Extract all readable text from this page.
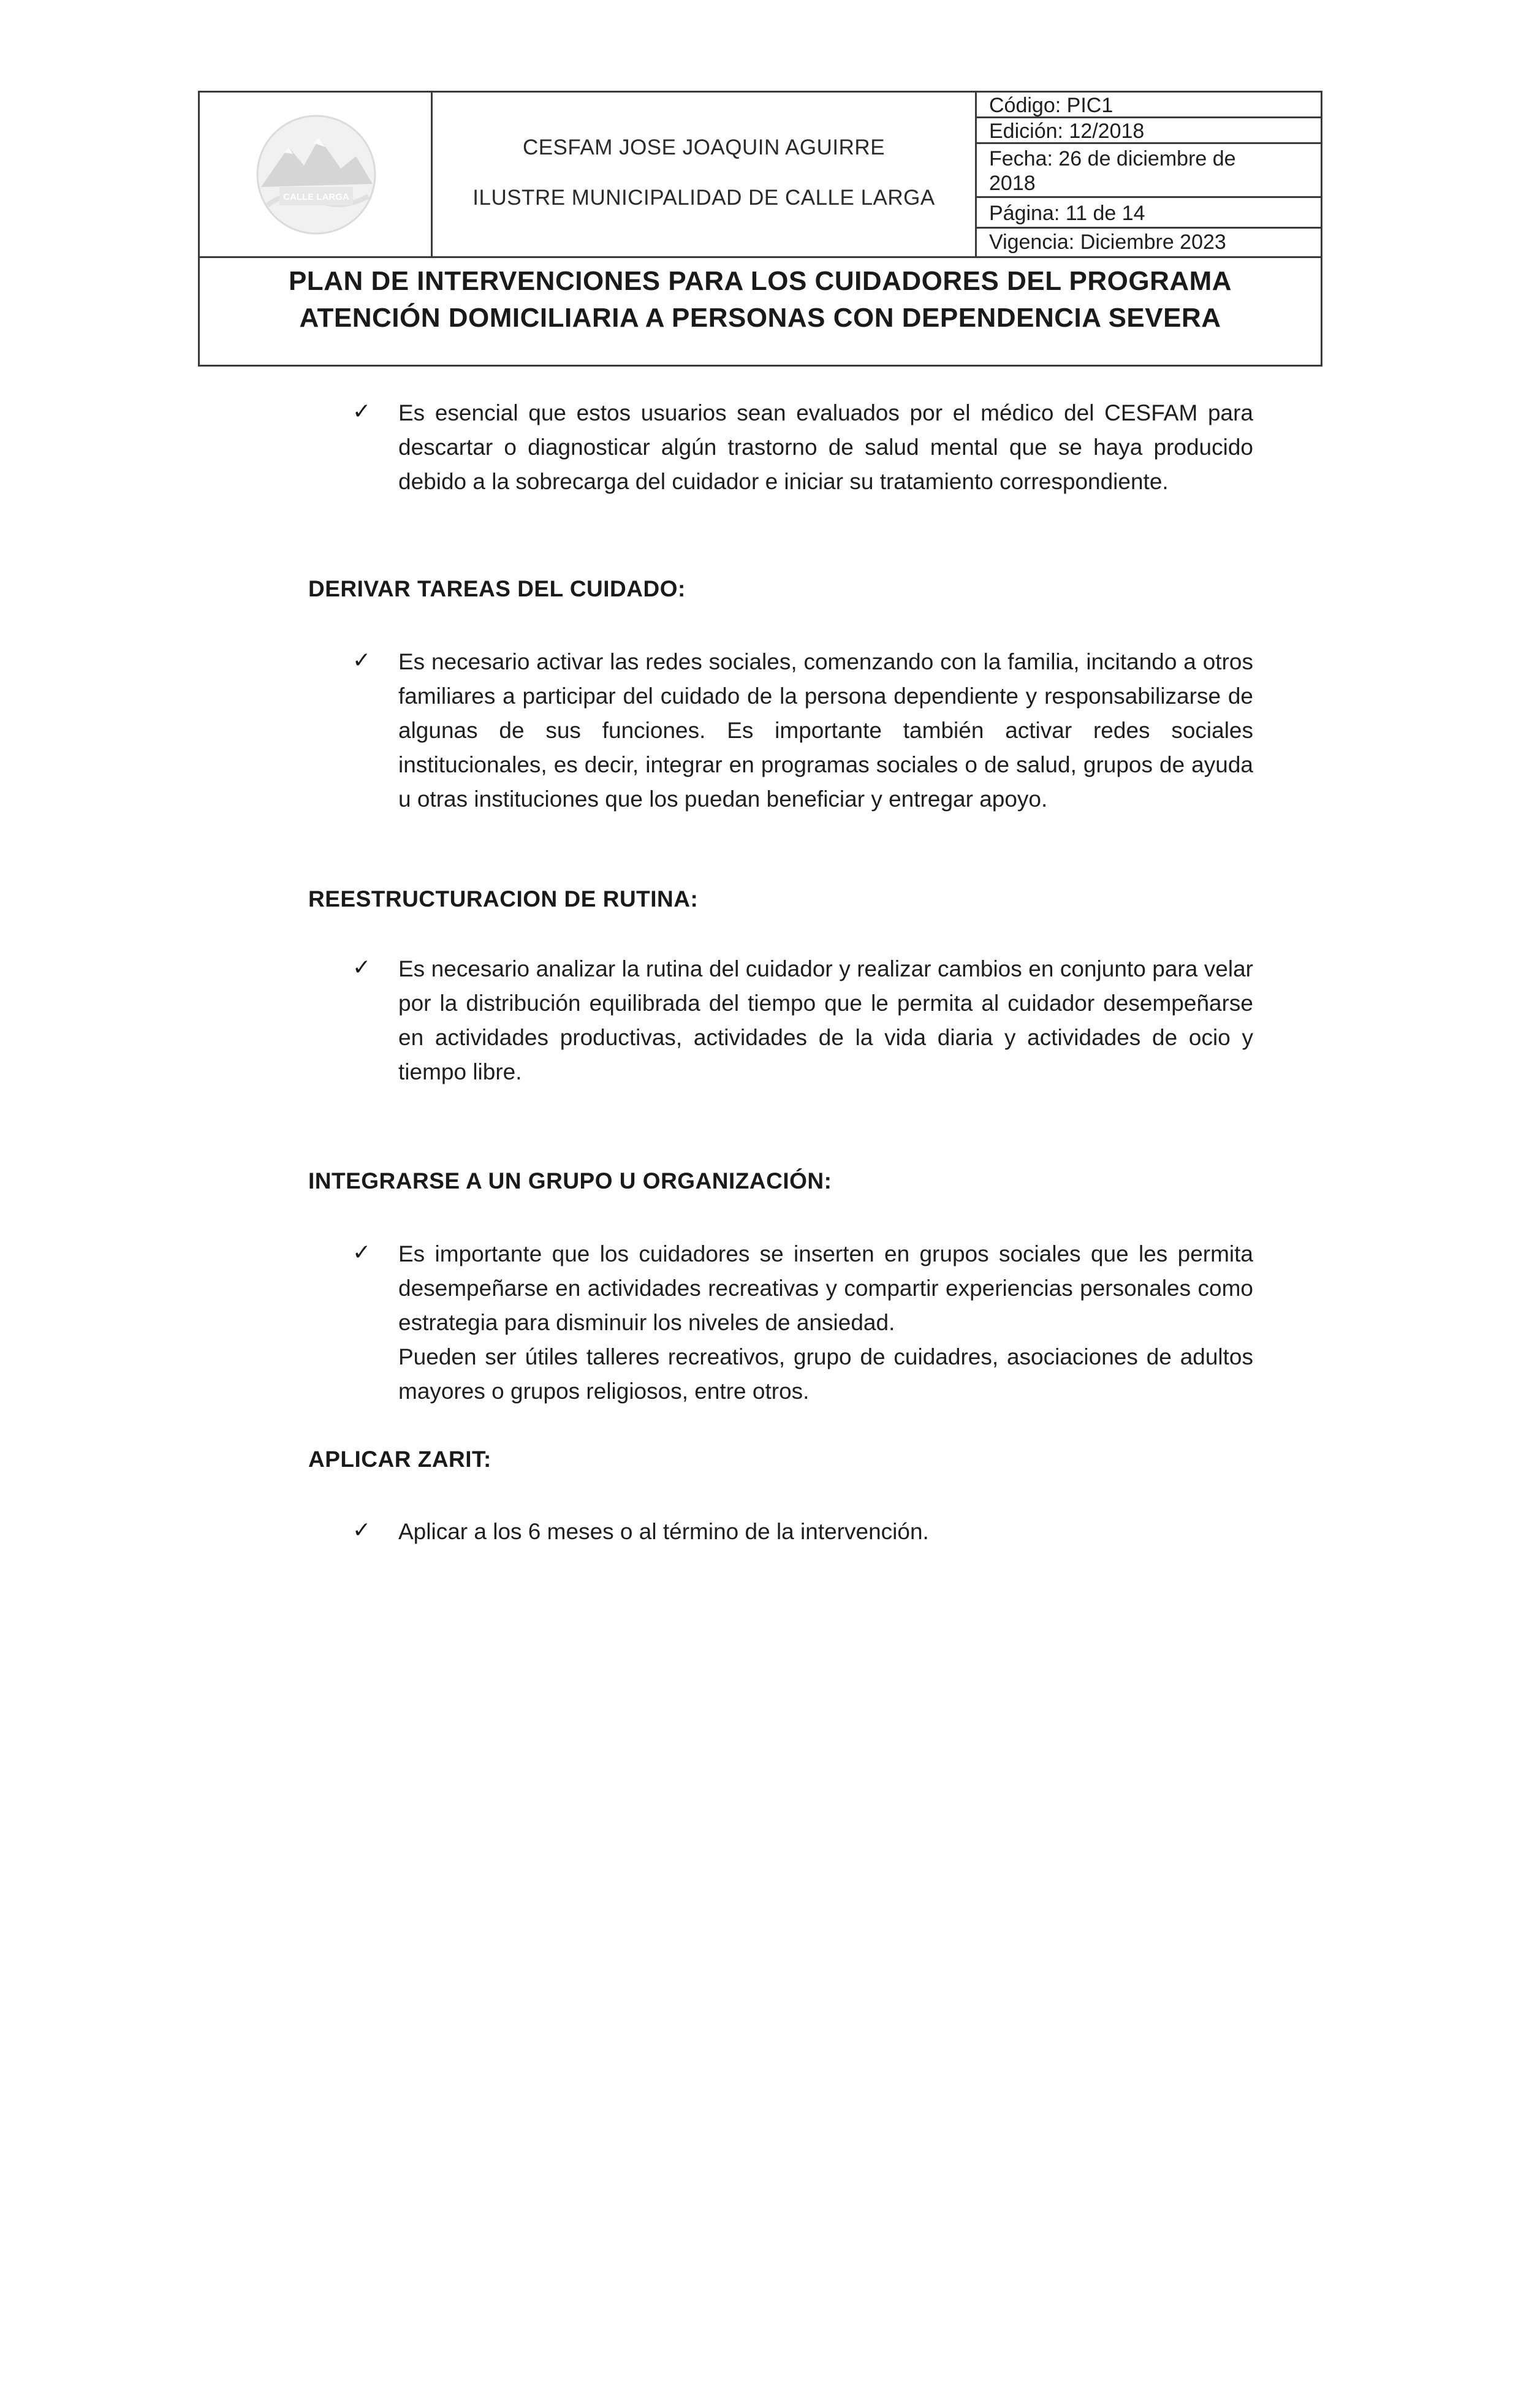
CALLE LARGA
CESFAM JOSE JOAQUIN AGUIRRE
ILUSTRE MUNICIPALIDAD DE CALLE LARGA
Código: PIC1
Edición: 12/2018
Fecha: 26 de diciembre de
2018
Página: 11 de 14
Vigencia: Diciembre 2023
PLAN DE INTERVENCIONES PARA LOS CUIDADORES DEL PROGRAMA
ATENCIÓN DOMICILIARIA A PERSONAS CON DEPENDENCIA SEVERA
✓ Es esencial que estos usuarios sean evaluados por el médico del CESFAM para descartar o diagnosticar algún trastorno de salud mental que se haya producido debido a la sobrecarga del cuidador e iniciar su tratamiento correspondiente.

DERIVAR TAREAS DEL CUIDADO:
✓ Es necesario activar las redes sociales, comenzando con la familia, incitando a otros familiares a participar del cuidado de la persona dependiente y responsabilizarse de algunas de sus funciones. Es importante también activar redes sociales institucionales, es decir, integrar en programas sociales o de salud, grupos de ayuda u otras instituciones que los puedan beneficiar y entregar apoyo.

REESTRUCTURACION DE RUTINA:
✓ Es necesario analizar la rutina del cuidador y realizar cambios en conjunto para velar por la distribución equilibrada del tiempo que le permita al cuidador desempeñarse en actividades productivas, actividades de la vida diaria y actividades de ocio y tiempo libre.

INTEGRARSE A UN GRUPO U ORGANIZACIÓN:
✓ Es importante que los cuidadores se inserten en grupos sociales que les permita desempeñarse en actividades recreativas y compartir experiencias personales como estrategia para disminuir los niveles de ansiedad.

Pueden ser útiles talleres recreativos, grupo de cuidadres, asociaciones de adultos mayores o grupos religiosos, entre otros.

APLICAR ZARIT:
✓ Aplicar a los 6 meses o al término de la intervención.
